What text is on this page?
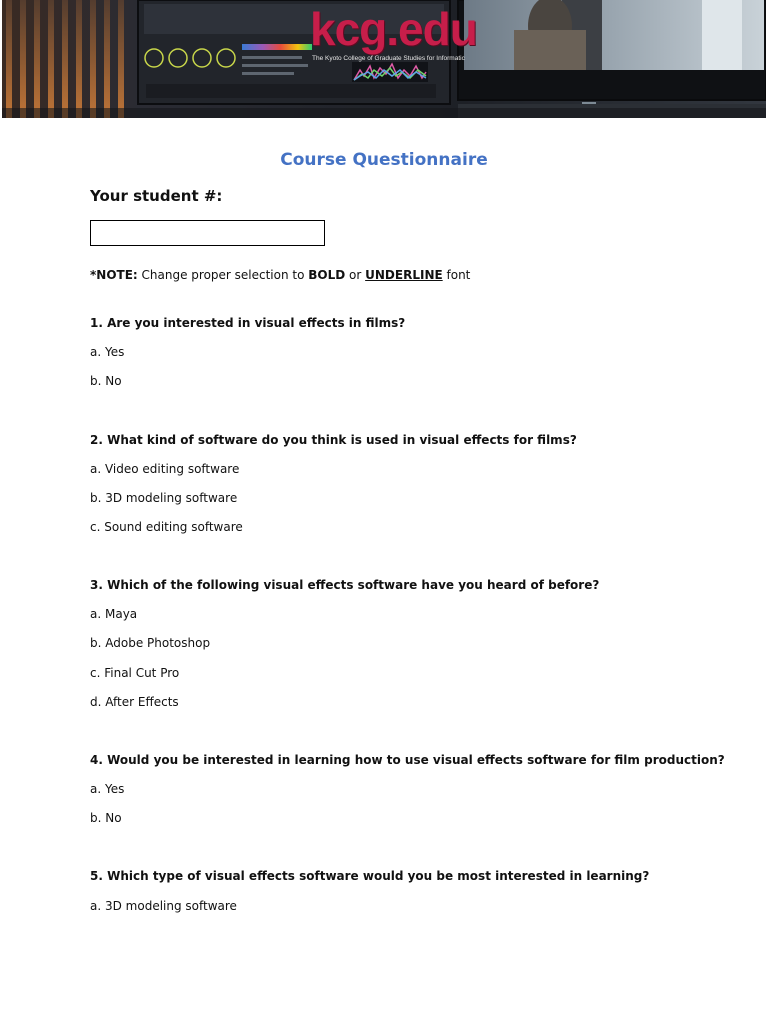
kcg.edu
The Kyoto College of Graduate Studies for Informatic
Course Questionnaire
Your student #:
*NOTE: Change proper selection to BOLD or UNDERLINE font
1. Are you interested in visual effects in films?
a. Yes
b. No
2. What kind of software do you think is used in visual effects for films?
a. Video editing software
b. 3D modeling software
c. Sound editing software
3. Which of the following visual effects software have you heard of before?
a. Maya
b. Adobe Photoshop
c. Final Cut Pro
d. After Effects
4. Would you be interested in learning how to use visual effects software for film production?
a. Yes
b. No
5. Which type of visual effects software would you be most interested in learning?
a. 3D modeling software
